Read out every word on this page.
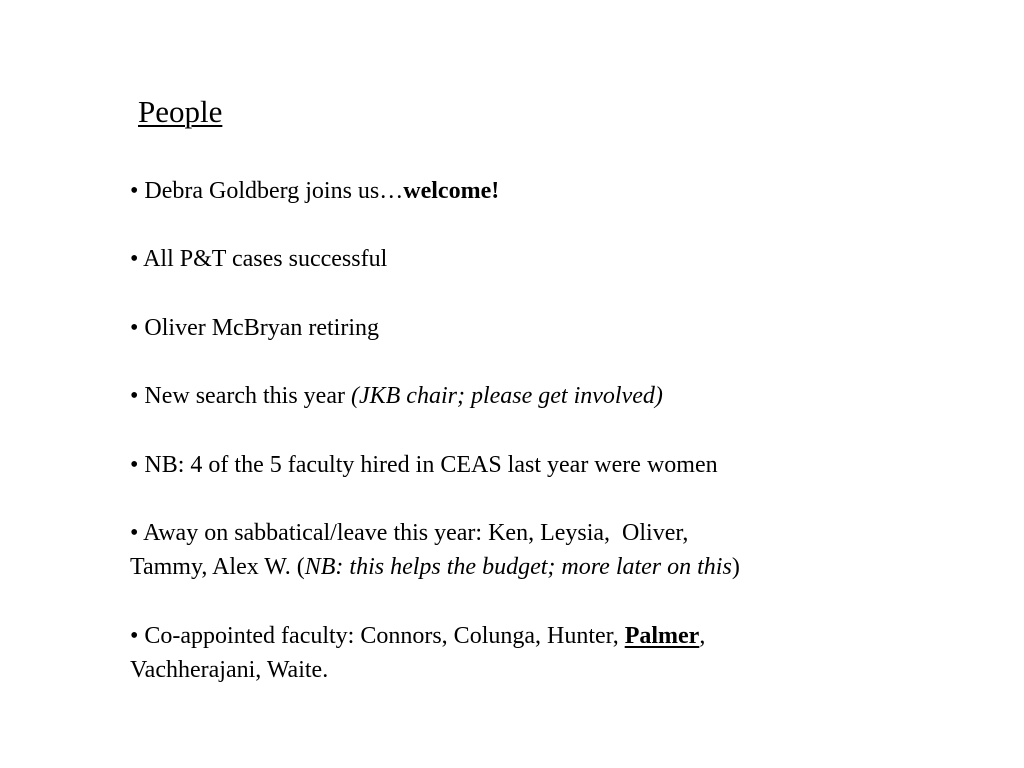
People
• Debra Goldberg joins us…welcome!
• All P&T cases successful
• Oliver McBryan retiring
• New search this year (JKB chair; please get involved)
• NB: 4 of the 5 faculty hired in CEAS last year were women
• Away on sabbatical/leave this year: Ken, Leysia,  Oliver,
Tammy, Alex W. (NB: this helps the budget; more later on this)
• Co-appointed faculty: Connors, Colunga, Hunter, Palmer,
Vachherajani, Waite.
